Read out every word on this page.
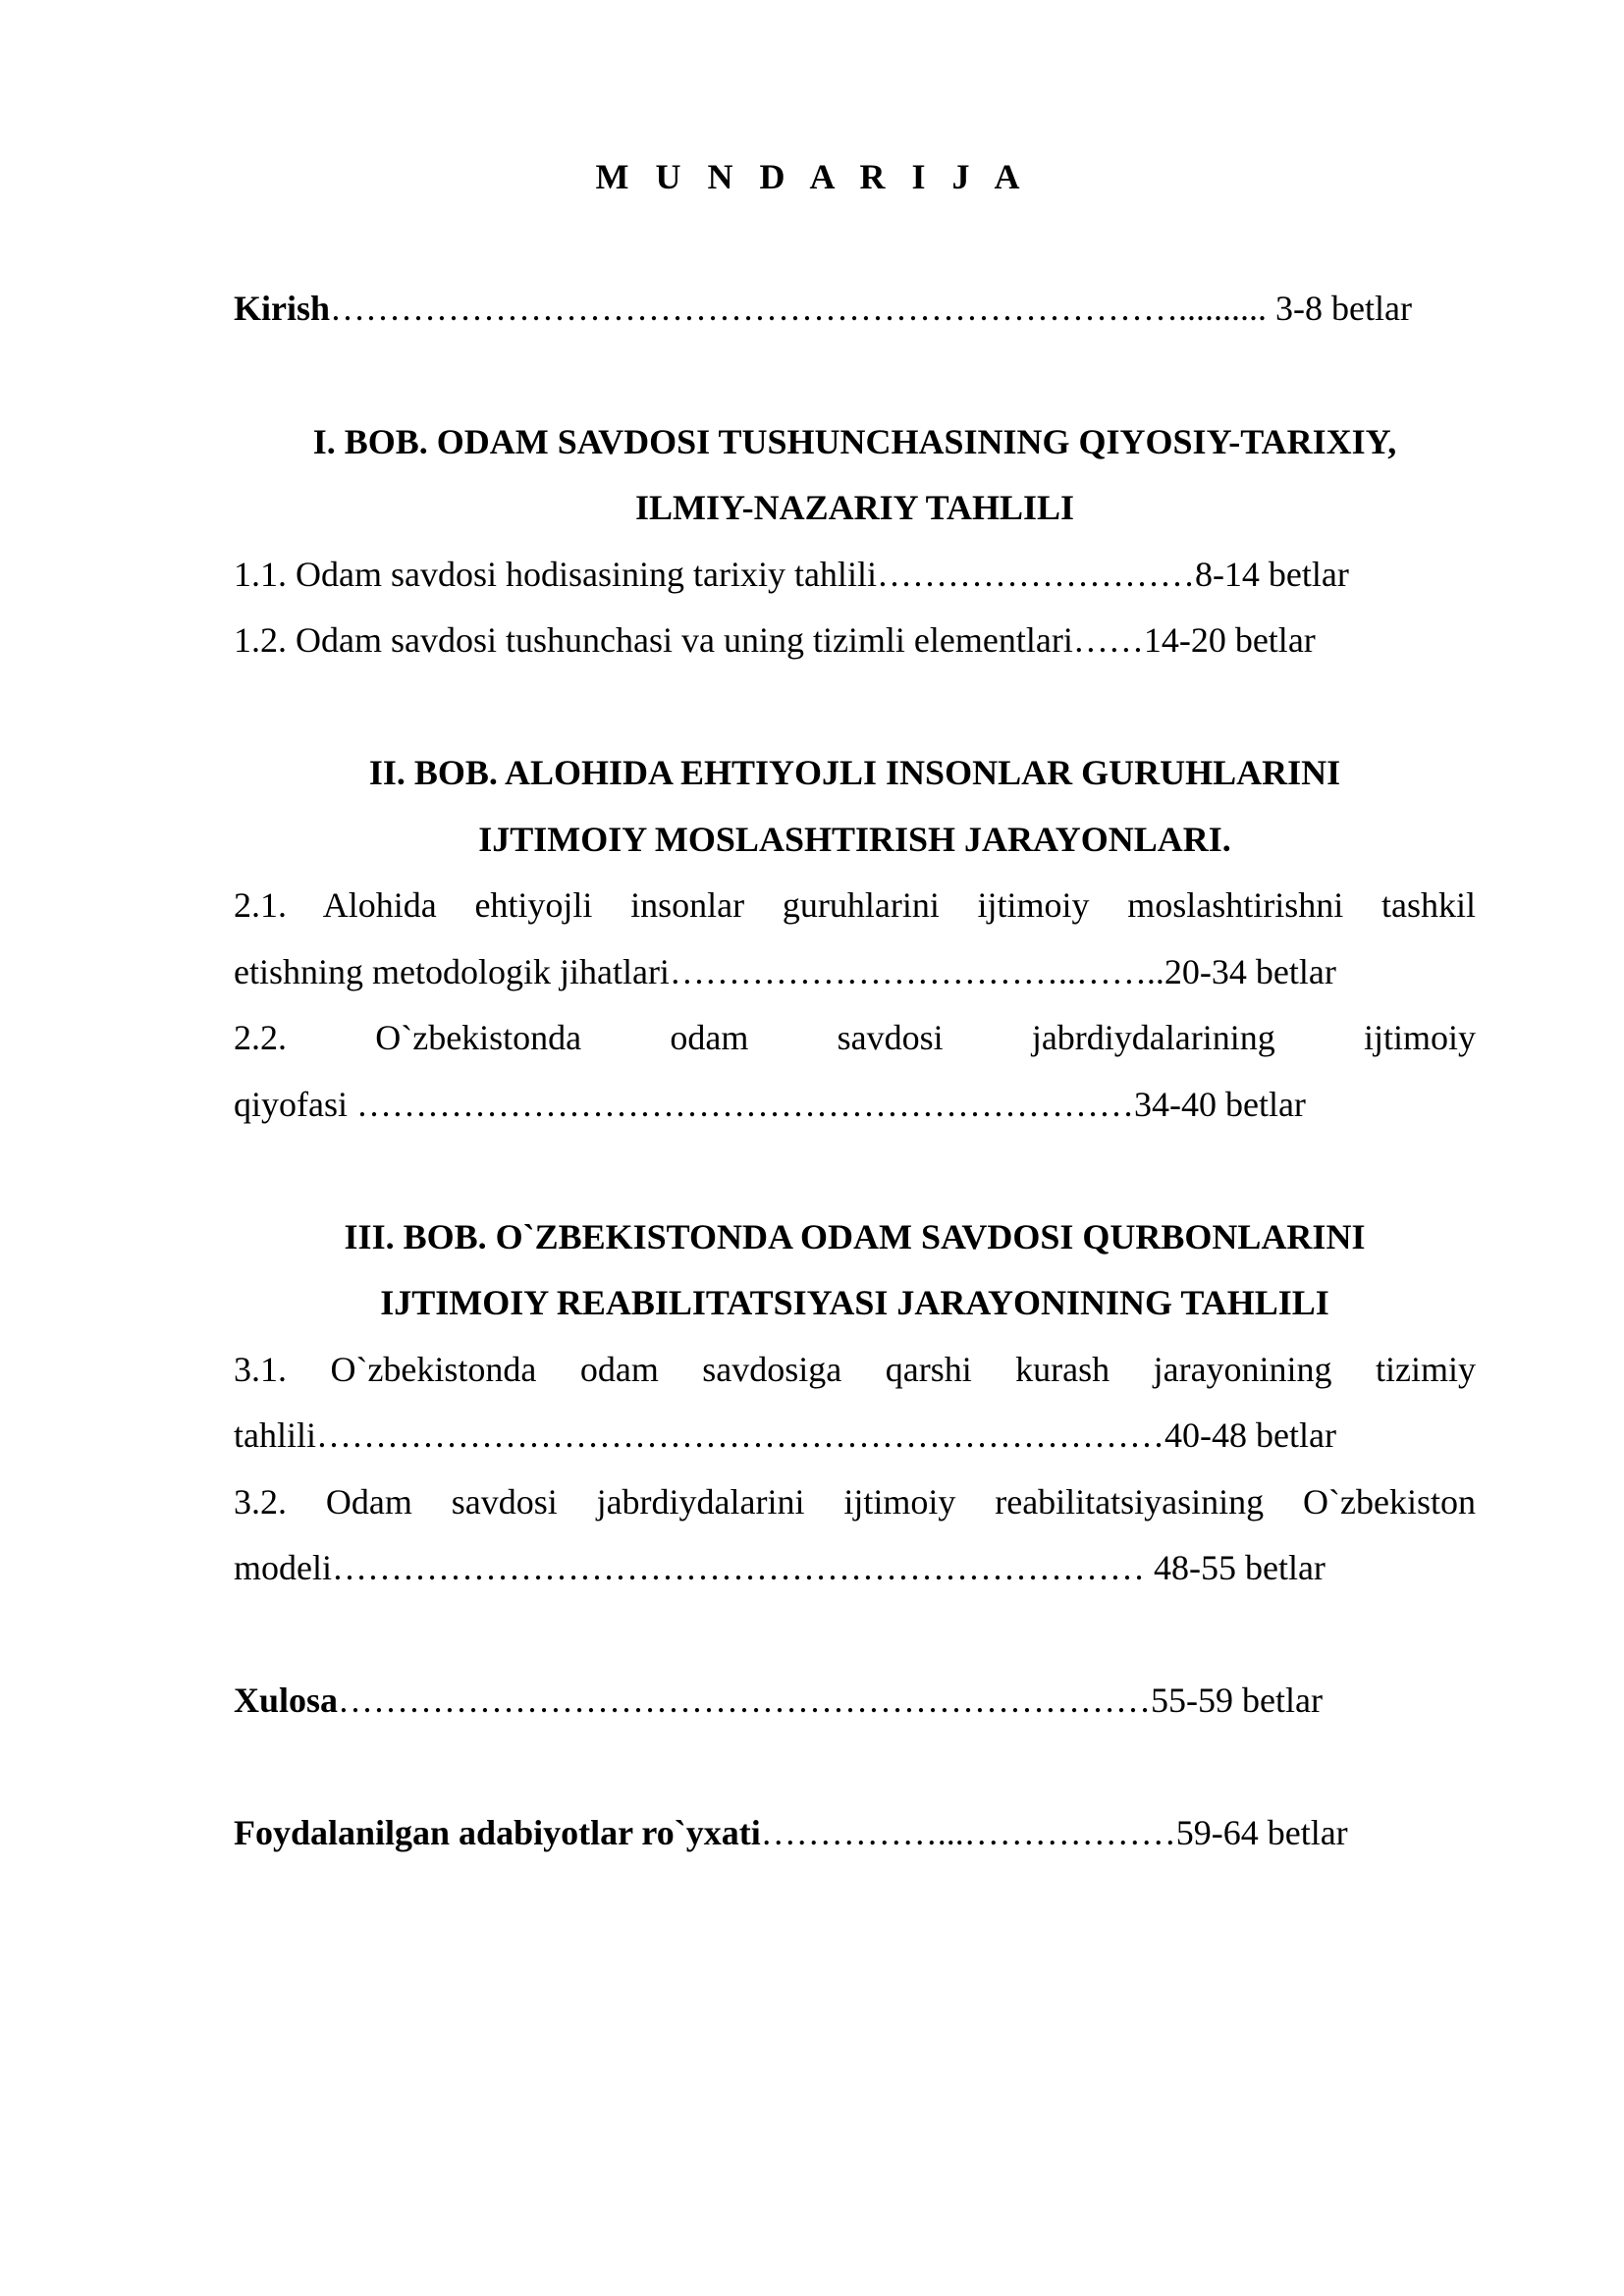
M U N D A R I J A
Kirish……………………………………………………………….......... 3-8 betlar
I. BOB. ODAM SAVDOSI TUSHUNCHASINING QIYOSIY-TARIXIY,
ILMIY-NAZARIY TAHLILI
1.1. Odam savdosi hodisasining tarixiy tahlili………………………8-14 betlar
1.2. Odam savdosi tushunchasi va uning tizimli elementlari……14-20 betlar
II. BOB. ALOHIDA EHTIYOJLI INSONLAR GURUHLARINI
IJTIMOIY MOSLASHTIRISH JARAYONLARI.
2.1. Alohida ehtiyojli insonlar guruhlarini ijtimoiy moslashtirishni tashkil
etishning metodologik jihatlari……………………………..……..20-34 betlar
2.2. O`zbekistonda odam savdosi jabrdiydalarining ijtimoiy
qiyofasi …………………………………………………………34-40 betlar
III. BOB. O`ZBEKISTONDA ODAM SAVDOSI QURBONLARINI
IJTIMOIY REABILITATSIYASI JARAYONINING TAHLILI
3.1. O`zbekistonda odam savdosiga qarshi kurash jarayonining tizimiy
tahlili………………………………………………………………40-48 betlar
3.2. Odam savdosi jabrdiydalarini ijtimoiy reabilitatsiyasining O`zbekiston
modeli…………………………………………………………… 48-55 betlar
Xulosa……………………………………………………………55-59 betlar
Foydalanilgan adabiyotlar ro`yxati……………...………………59-64 betlar
